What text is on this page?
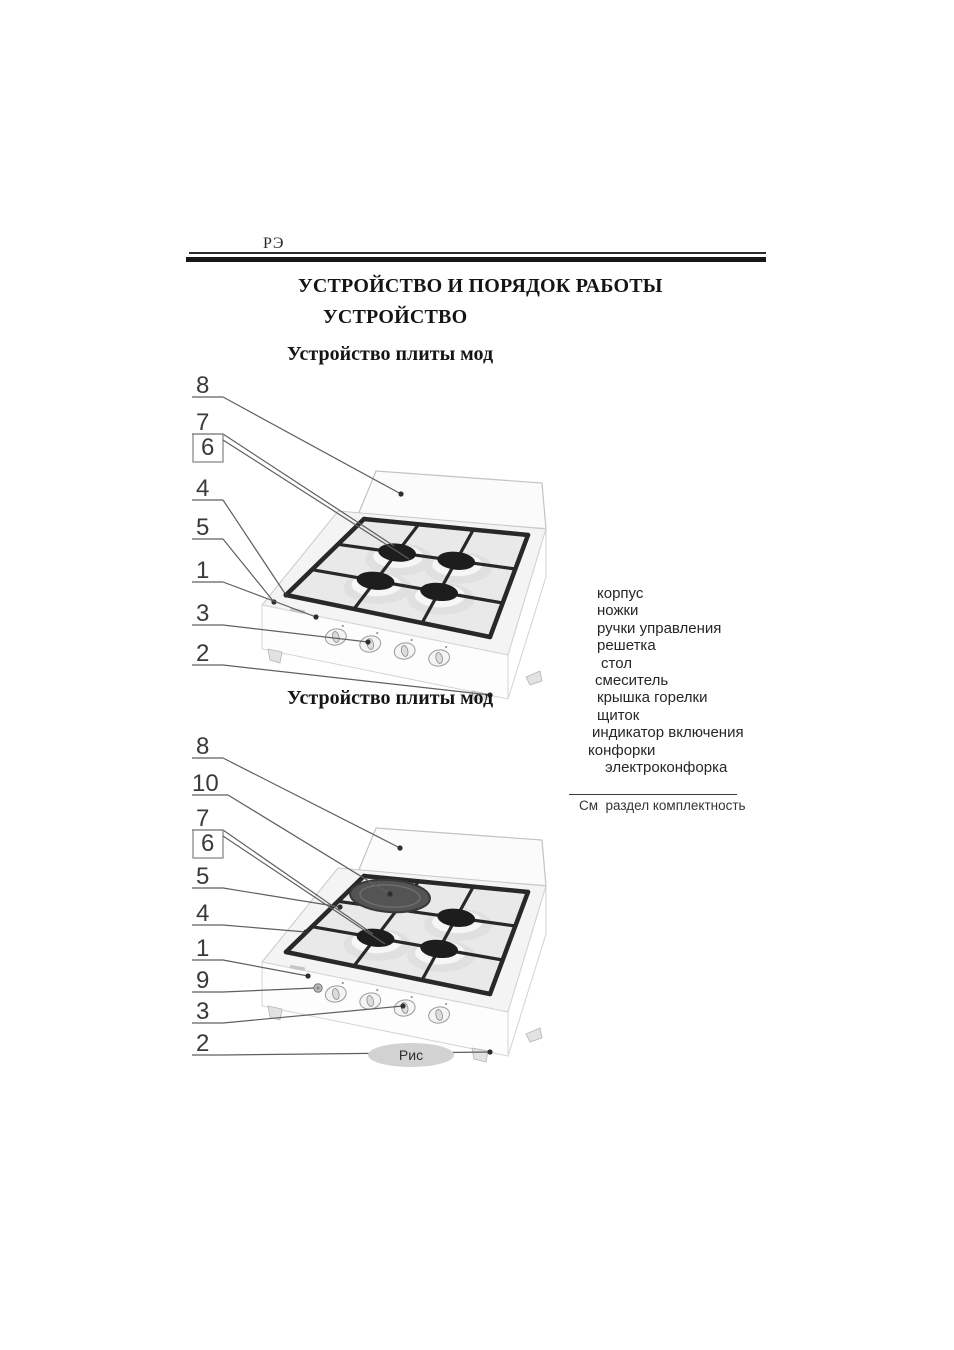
РЭ
УСТРОЙСТВО И ПОРЯДОК РАБОТЫ
УСТРОЙСТВО
Устройство плиты мод
8
7
6
4
5
1
3
2
корпус
ножки
ручки управления
решетка
стол
смеситель
крышка горелки
щиток
индикатор включения
конфорки
электроконфорка
См  раздел комплектность
Устройство плиты мод
8
10
7
6
5
4
1
9
3
2	Рис
